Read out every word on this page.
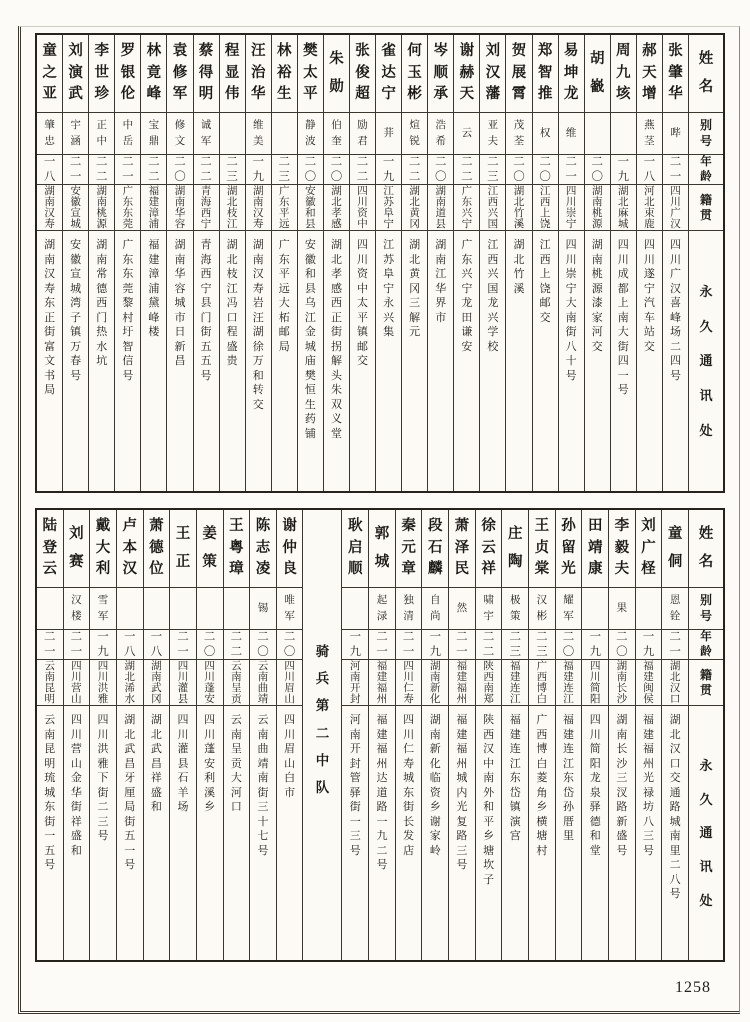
姓
名
别
号
年
龄
籍
贯
永
久
通
讯
处
张
肇
华
哔
二
一
四
川
广
汉
四
川
广
汉
喜
峰
场
二
四
号
郝
天
增
燕
茎
一
八
河
北
束
鹿
四
川
遂
宁
汽
车
站
交
周
九
垓
一
九
湖
北
麻
城
四
川
成
都
上
南
大
街
四
一
号
胡
巀
二
〇
湖
南
桃
源
湖
南
桃
源
漆
家
河
交
易
坤
龙
维
二
一
四
川
崇
宁
四
川
崇
宁
大
南
街
八
十
号
郑
智
推
权
二
〇
江
西
上
饶
江
西
上
饶
邮
交
贺
展
霄
茂
荃
二
〇
湖
北
竹
溪
湖
北
竹
溪
刘
汉
藩
亚
夫
二
三
江
西
兴
国
江
西
兴
国
龙
兴
学
校
谢
赫
天
云
二
二
广
东
兴
宁
广
东
兴
宁
龙
田
谦
安
岑
顺
承
浩
希
二
〇
湖
南
道
县
湖
南
江
华
界
市
何
玉
彬
煊
锐
二
二
湖
北
黄
冈
湖
北
黄
冈
三
解
元
雀
达
宁
荓
一
九
江
苏
阜
宁
江
苏
阜
宁
永
兴
集
张
俊
超
励
君
二
二
四
川
资
中
四
川
资
中
太
平
镇
邮
交
朱
勋
伯
奎
二
〇
湖
北
孝
感
湖
北
孝
感
西
正
街
拐
解
头
朱
双
义
堂
樊
太
平
静
波
二
〇
安
徽
和
县
安
徽
和
县
乌
江
金
城
庙
樊
恒
生
药
铺
林
裕
生
二
三
广
东
平
远
广
东
平
远
大
柘
邮
局
汪
治
华
维
美
一
九
湖
南
汉
寿
湖
南
汉
寿
岩
汪
湖
徐
万
和
转
交
程
显
伟
二
三
湖
北
枝
江
湖
北
枝
江
冯
口
程
盛
贵
蔡
得
明
诚
军
二
二
青
海
西
宁
青
海
西
宁
县
门
街
五
五
号
袁
修
军
修
文
二
〇
湖
南
华
容
湖
南
华
容
城
市
日
新
昌
林
竟
峰
宝
鼎
二
二
福
建
漳
浦
福
建
漳
浦
黛
峰
楼
罗
银
伦
中
岳
二
一
广
东
东
莞
广
东
东
莞
黎
村
圩
智
信
号
李
世
珍
正
中
二
二
湖
南
桃
源
湖
南
常
德
西
门
热
水
坑
刘
演
武
宇
涵
二
一
安
徽
宣
城
安
徽
宣
城
湾
子
镇
万
春
号
童
之
亚
肇
忠
一
八
湖
南
汉
寿
湖
南
汉
寿
东
正
街
富
文
书
局
姓
名
别
号
年
龄
籍
贯
永
久
通
讯
处
童
侗
恩
铨
二
一
湖
北
汉
口
湖
北
汉
口
交
通
路
城
南
里
二
八
号
刘
广
柽
一
九
福
建
闽
侯
福
建
福
州
光
禄
坊
八
三
号
李
毅
夫
果
二
〇
湖
南
长
沙
湖
南
长
沙
三
汊
路
新
盛
号
田
靖
康
一
九
四
川
简
阳
四
川
简
阳
龙
泉
驿
德
和
堂
孙
留
光
耀
军
二
〇
福
建
连
江
福
建
连
江
东
岱
孙
厝
里
王
贞
棠
汉
彬
二
三
广
西
博
白
广
西
博
白
菱
角
乡
横
塘
村
庄
陶
极
策
二
三
福
建
连
江
福
建
连
江
东
岱
镇
演
宫
徐
云
祥
啸
宇
二
二
陕
西
南
郑
陕
西
汉
中
南
外
和
平
乡
塘
坎
子
萧
泽
民
然
二
一
福
建
福
州
福
建
福
州
城
内
光
复
路
三
号
段
石
麟
自
尚
一
九
湖
南
新
化
湖
南
新
化
临
资
乡
谢
家
岭
秦
元
章
独
清
二
一
四
川
仁
寿
四
川
仁
寿
城
东
街
长
发
店
郭
城
起
渌
二
一
福
建
福
州
福
建
福
州
达
道
路
一
九
二
号
耿
启
顺
一
九
河
南
开
封
河
南
开
封
管
驿
街
一
三
号
骑
兵
第
二
中
队
谢
仲
良
唯
军
二
〇
四
川
眉
山
四
川
眉
山
白
市
陈
志
凌
锡
二
〇
云
南
曲
靖
云
南
曲
靖
南
街
三
十
七
号
王
粤
璋
二
二
云
南
呈
贡
云
南
呈
贡
大
河
口
姜
策
二
〇
四
川
蓬
安
四
川
蓬
安
利
溪
乡
王
正
二
一
四
川
灌
县
四
川
灌
县
石
羊
场
萧
德
位
一
八
湖
南
武
冈
湖
北
武
昌
祥
盛
和
卢
本
汉
一
八
湖
北
浠
水
湖
北
武
昌
牙
厘
局
街
五
一
号
戴
大
利
雪
军
一
九
四
川
洪
雅
四
川
洪
雅
下
街
二
三
号
刘
赛
汉
楼
二
一
四
川
营
山
四
川
营
山
金
华
街
祥
盛
和
陆
登
云
二
一
云
南
昆
明
云
南
昆
明
琉
城
东
街
一
五
号
1258
